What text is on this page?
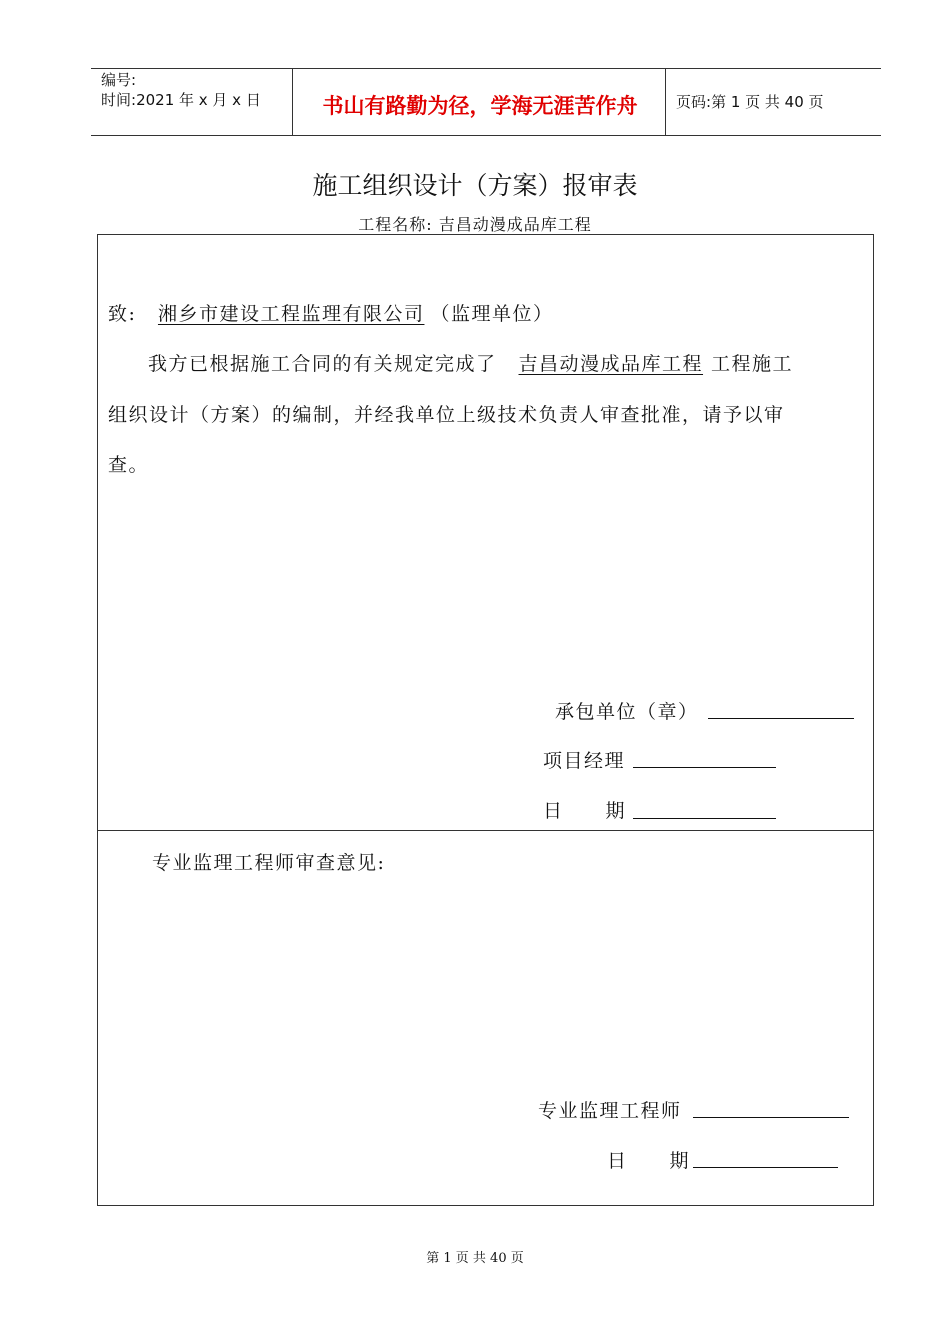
编号:
时间:2021 年 x 月 x 日	书山有路勤为径，学海无涯苦作舟	页码:第 1 页 共 40 页
施工组织设计（方案）报审表
工程名称: 吉昌动漫成品库工程
致: 湘乡市建设工程监理有限公司 （监理单位）
我方已根据施工合同的有关规定完成了 吉昌动漫成品库工程 工程施工
组织设计（方案）的编制，并经我单位上级技术负责人审查批准，请予以审
查。
承包单位（章）
项目经理
日 期
专业监理工程师审查意见:
专业监理工程师
日 期
第 1 页 共 40 页
